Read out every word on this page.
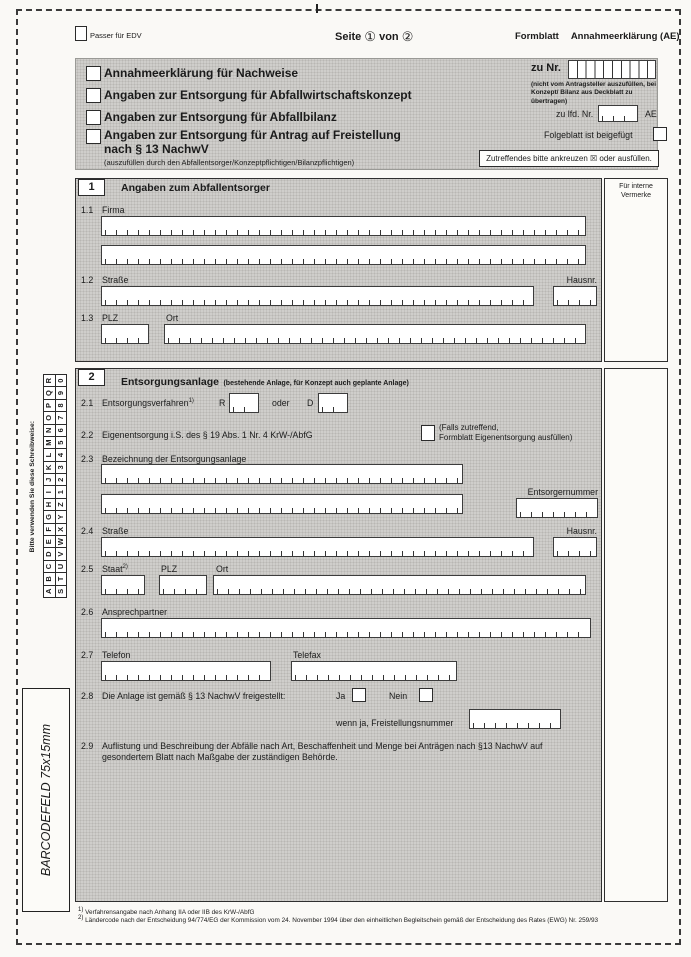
Passer für EDV	Seite ① von ②	Formblatt Annahmeerklärung (AE)
Annahmeerklärung für Nachweise
Angaben zur Entsorgung für Abfallwirtschaftskonzept
Angaben zur Entsorgung für Abfallbilanz
Angaben zur Entsorgung für Antrag auf Freistellung
nach § 13 NachwV
(auszufüllen durch den Abfallentsorger/Konzeptpflichtigen/Bilanzpflichtigen)
zu Nr.
(nicht vom Antragsteller auszufüllen, bei Konzept/ Bilanz aus Deckblatt zu übertragen)
zu lfd. Nr.	AE
Folgeblatt ist beigefügt
Zutreffendes bitte ankreuzen ☒ oder ausfüllen.
1	Angaben zum Abfallentsorger
1.1 Firma
1.2 Straße	Hausnr.
1.3 PLZ	Ort
Für interne Vermerke
2	Entsorgungsanlage (bestehende Anlage, für Konzept auch geplante Anlage)
2.1 Entsorgungsverfahren$^{1)}$	R	oder D
2.2 Eigenentsorgung i.S. des § 19 Abs. 1 Nr. 4 KrW-/AbfG
(Falls zutreffend,
Formblatt Eigenentsorgung ausfüllen)
2.3 Bezeichnung der Entsorgungsanlage
Entsorgernummer
2.4 Straße	Hausnr.
2.5 Staat$^{2)}$	PLZ	Ort
2.6 Ansprechpartner
2.7 Telefon	Telefax
2.8 Die Anlage ist gemäß § 13 NachwV freigestellt:	Ja	Nein
wenn ja, Freistellungsnummer
2.9 Auflistung und Beschreibung der Abfälle nach Art, Beschaffenheit und Menge bei Anträgen nach §13 NachwV auf
gesondertem Blatt nach Maßgabe der zuständigen Behörde.
Bitte verwenden Sie diese Schreibweise:
A
B
C
D
E
F
G
H
I
J
K
L
M
N
O
P
Q
R
S
T
U
V
W
X
Y
Z
1
2
3
4
5
6
7
8
9
0
BARCODEFELD 75x15mm
$^{1)}$ Verfahrensangabe nach Anhang IIA oder IIB des KrW-/AbfG
$^{2)}$ Ländercode nach der Entscheidung 94/774/EG der Kommission vom 24. November 1994 über den einheitlichen Begleitschein gemäß der Entscheidung des Rates (EWG) Nr. 259/93
